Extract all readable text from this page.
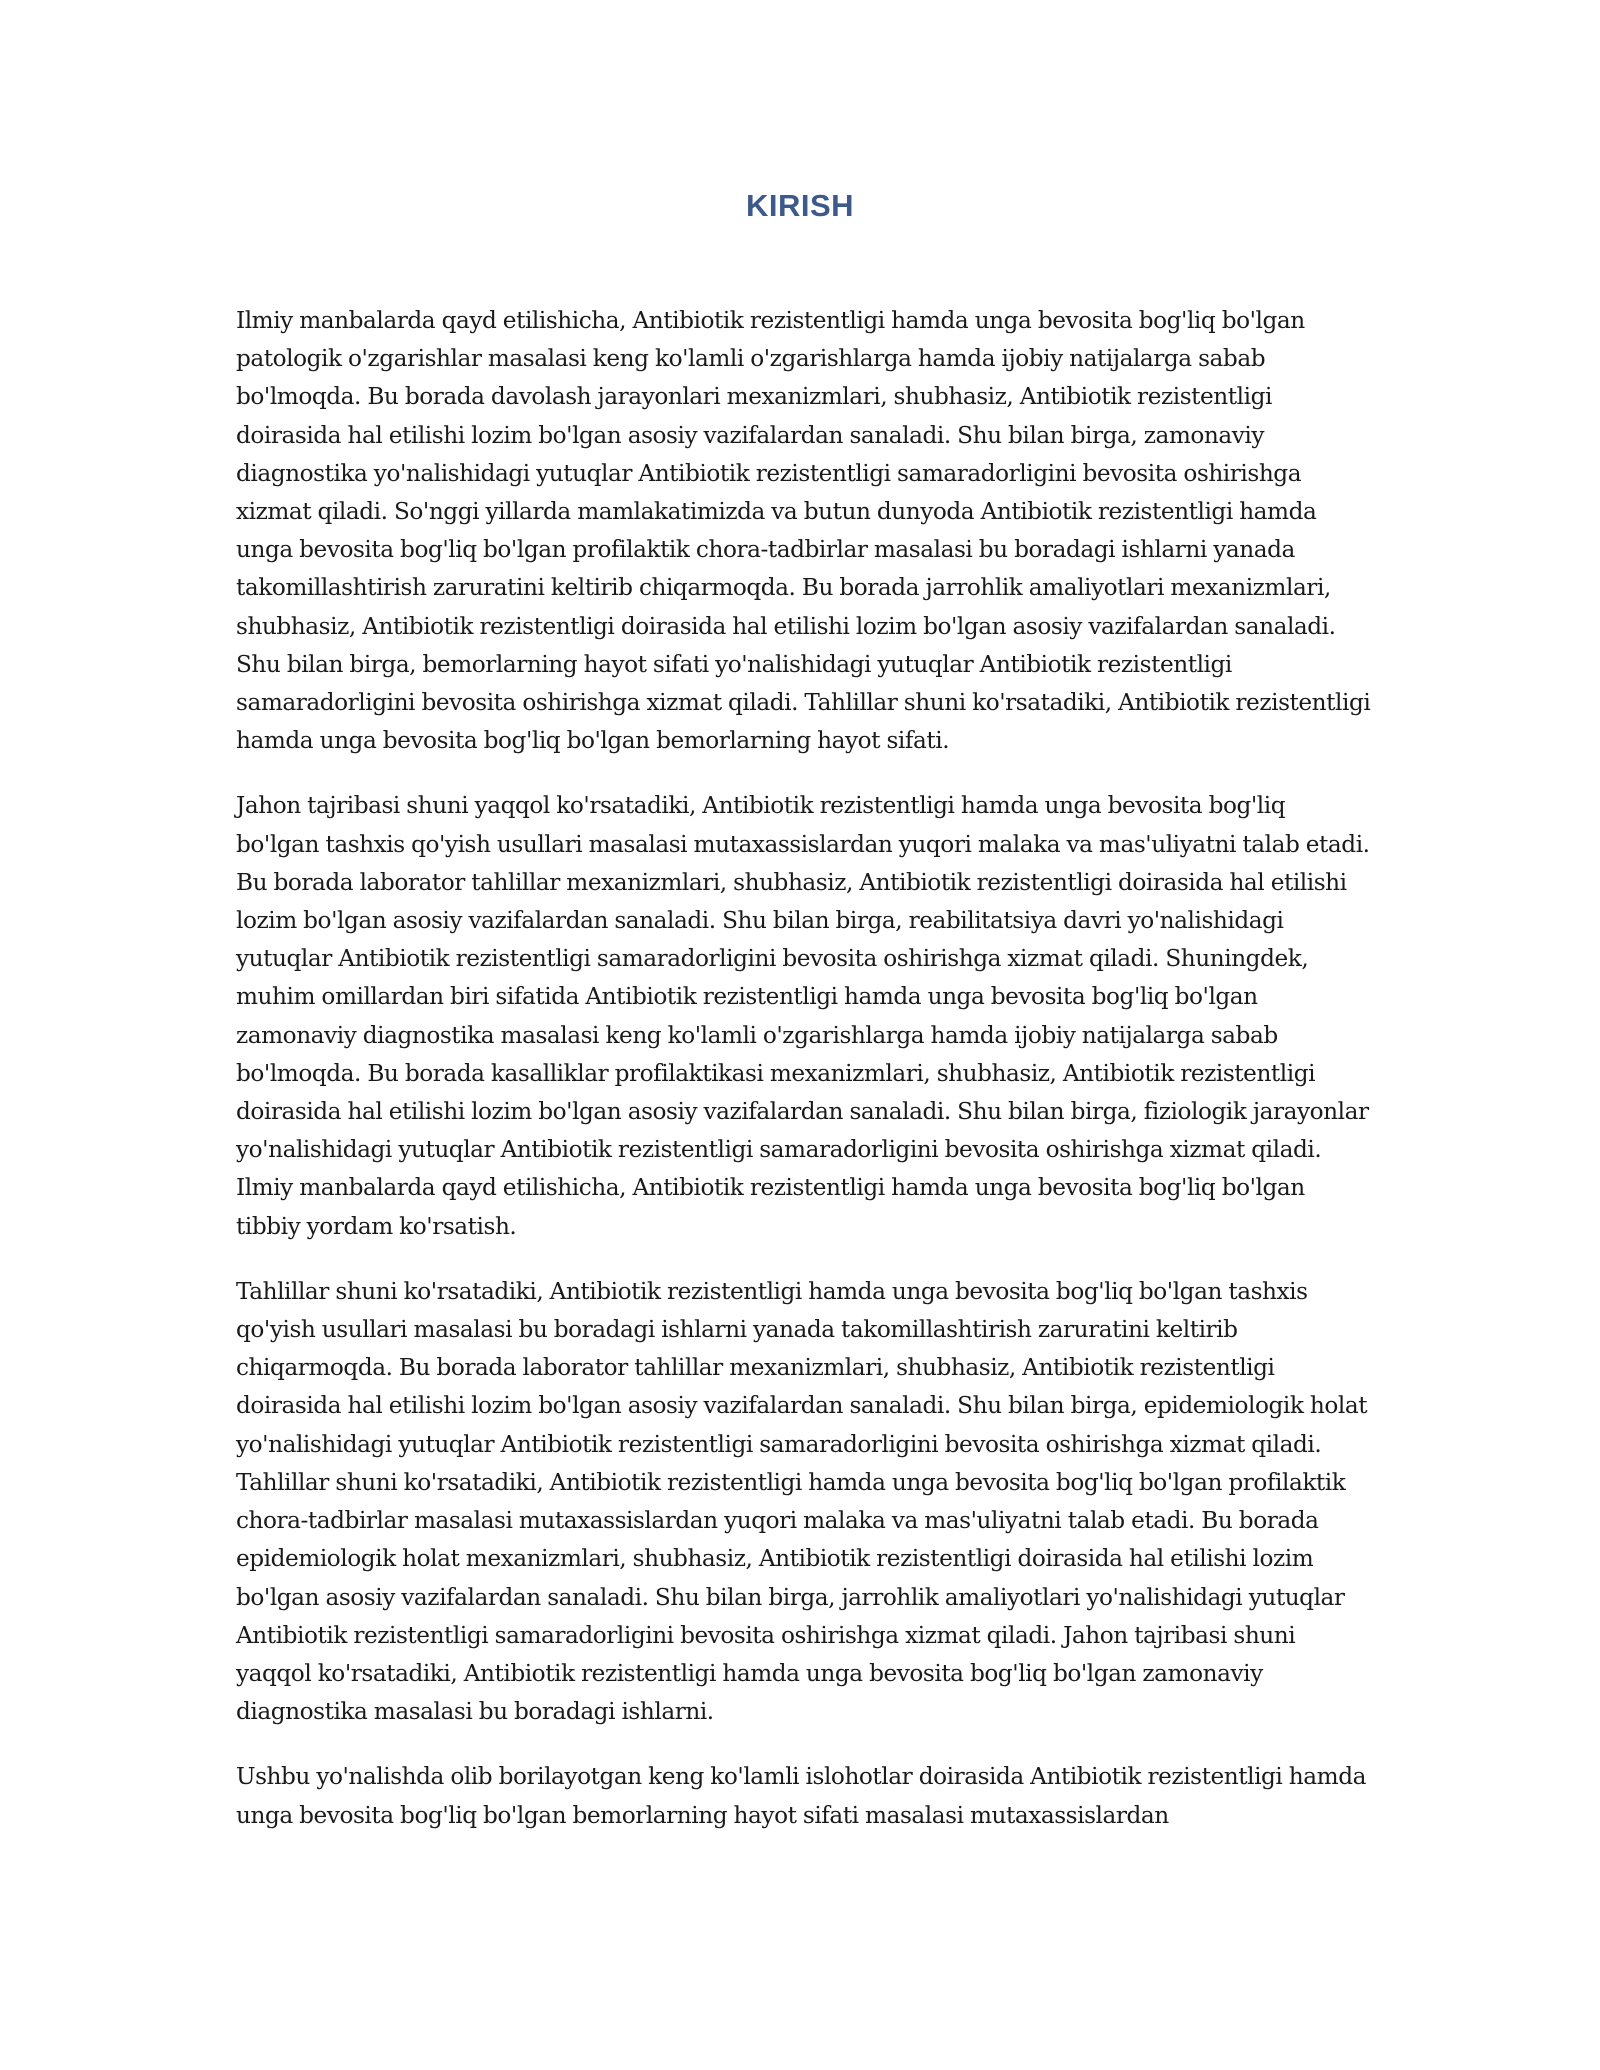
KIRISH

Ilmiy manbalarda qayd etilishicha, Antibiotik rezistentligi hamda unga bevosita bog'liq bo'lgan patologik o'zgarishlar masalasi keng ko'lamli o'zgarishlarga hamda ijobiy natijalarga sabab bo'lmoqda. Bu borada davolash jarayonlari mexanizmlari, shubhasiz, Antibiotik rezistentligi doirasida hal etilishi lozim bo'lgan asosiy vazifalardan sanaladi. Shu bilan birga, zamonaviy diagnostika yo'nalishidagi yutuqlar Antibiotik rezistentligi samaradorligini bevosita oshirishga xizmat qiladi. So'nggi yillarda mamlakatimizda va butun dunyoda Antibiotik rezistentligi hamda unga bevosita bog'liq bo'lgan profilaktik chora-tadbirlar masalasi bu boradagi ishlarni yanada takomillashtirish zaruratini keltirib chiqarmoqda. Bu borada jarrohlik amaliyotlari mexanizmlari, shubhasiz, Antibiotik rezistentligi doirasida hal etilishi lozim bo'lgan asosiy vazifalardan sanaladi. Shu bilan birga, bemorlarning hayot sifati yo'nalishidagi yutuqlar Antibiotik rezistentligi samaradorligini bevosita oshirishga xizmat qiladi. Tahlillar shuni ko'rsatadiki, Antibiotik rezistentligi hamda unga bevosita bog'liq bo'lgan bemorlarning hayot sifati.

Jahon tajribasi shuni yaqqol ko'rsatadiki, Antibiotik rezistentligi hamda unga bevosita bog'liq bo'lgan tashxis qo'yish usullari masalasi mutaxassislardan yuqori malaka va mas'uliyatni talab etadi. Bu borada laborator tahlillar mexanizmlari, shubhasiz, Antibiotik rezistentligi doirasida hal etilishi lozim bo'lgan asosiy vazifalardan sanaladi. Shu bilan birga, reabilitatsiya davri yo'nalishidagi yutuqlar Antibiotik rezistentligi samaradorligini bevosita oshirishga xizmat qiladi. Shuningdek, muhim omillardan biri sifatida Antibiotik rezistentligi hamda unga bevosita bog'liq bo'lgan zamonaviy diagnostika masalasi keng ko'lamli o'zgarishlarga hamda ijobiy natijalarga sabab bo'lmoqda. Bu borada kasalliklar profilaktikasi mexanizmlari, shubhasiz, Antibiotik rezistentligi doirasida hal etilishi lozim bo'lgan asosiy vazifalardan sanaladi. Shu bilan birga, fiziologik jarayonlar yo'nalishidagi yutuqlar Antibiotik rezistentligi samaradorligini bevosita oshirishga xizmat qiladi. Ilmiy manbalarda qayd etilishicha, Antibiotik rezistentligi hamda unga bevosita bog'liq bo'lgan tibbiy yordam ko'rsatish.

Tahlillar shuni ko'rsatadiki, Antibiotik rezistentligi hamda unga bevosita bog'liq bo'lgan tashxis qo'yish usullari masalasi bu boradagi ishlarni yanada takomillashtirish zaruratini keltirib chiqarmoqda. Bu borada laborator tahlillar mexanizmlari, shubhasiz, Antibiotik rezistentligi doirasida hal etilishi lozim bo'lgan asosiy vazifalardan sanaladi. Shu bilan birga, epidemiologik holat yo'nalishidagi yutuqlar Antibiotik rezistentligi samaradorligini bevosita oshirishga xizmat qiladi. Tahlillar shuni ko'rsatadiki, Antibiotik rezistentligi hamda unga bevosita bog'liq bo'lgan profilaktik chora-tadbirlar masalasi mutaxassislardan yuqori malaka va mas'uliyatni talab etadi. Bu borada epidemiologik holat mexanizmlari, shubhasiz, Antibiotik rezistentligi doirasida hal etilishi lozim bo'lgan asosiy vazifalardan sanaladi. Shu bilan birga, jarrohlik amaliyotlari yo'nalishidagi yutuqlar Antibiotik rezistentligi samaradorligini bevosita oshirishga xizmat qiladi. Jahon tajribasi shuni yaqqol ko'rsatadiki, Antibiotik rezistentligi hamda unga bevosita bog'liq bo'lgan zamonaviy diagnostika masalasi bu boradagi ishlarni.

Ushbu yo'nalishda olib borilayotgan keng ko'lamli islohotlar doirasida Antibiotik rezistentligi hamda unga bevosita bog'liq bo'lgan bemorlarning hayot sifati masalasi mutaxassislardan
